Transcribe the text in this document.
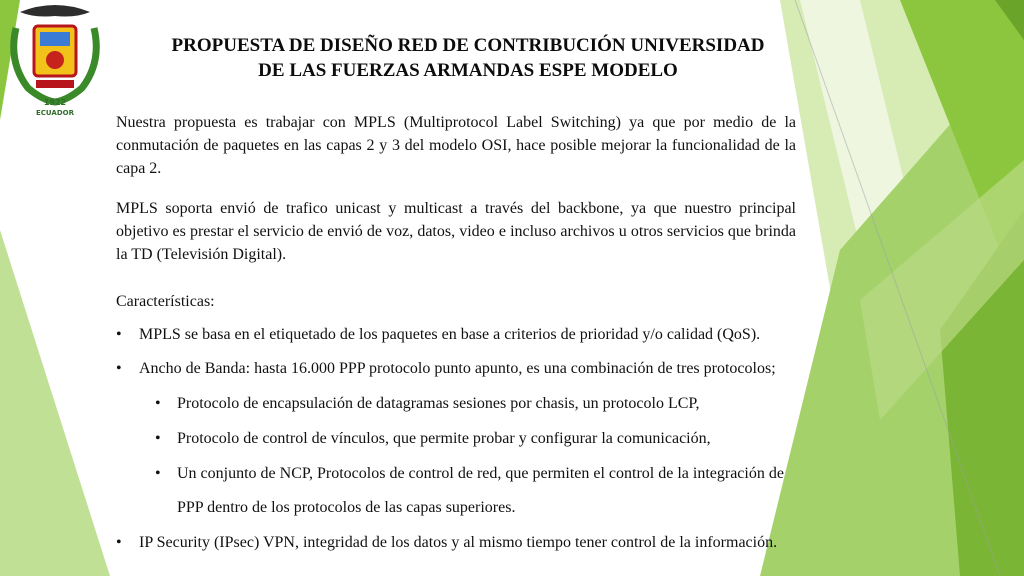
1922
ECUADOR
PROPUESTA DE DISEÑO RED DE CONTRIBUCIÓN UNIVERSIDAD
DE LAS FUERZAS ARMANDAS ESPE MODELO
Nuestra propuesta es trabajar con MPLS (Multiprotocol Label Switching) ya que por medio de la conmutación de paquetes en las capas 2 y 3 del modelo OSI, hace posible mejorar la funcionalidad de la capa 2.
MPLS soporta envió de trafico unicast y multicast a través del backbone, ya que nuestro principal objetivo es prestar el servicio de envió de voz, datos, video e incluso archivos u otros servicios que brinda la TD (Televisión Digital).
Características:
• MPLS se basa en el etiquetado de los paquetes en base a criterios de prioridad y/o calidad (QoS).
• Ancho de Banda: hasta 16.000 PPP protocolo punto apunto, es una combinación de tres protocolos;
• Protocolo de encapsulación de datagramas sesiones por chasis, un protocolo LCP,
• Protocolo de control de vínculos, que permite probar y configurar la comunicación,
• Un conjunto de NCP, Protocolos de control de red, que permiten el control de la integración de
PPP dentro de los protocolos de las capas superiores.
• IP Security (IPsec) VPN, integridad de los datos y al mismo tiempo tener control de la información.
